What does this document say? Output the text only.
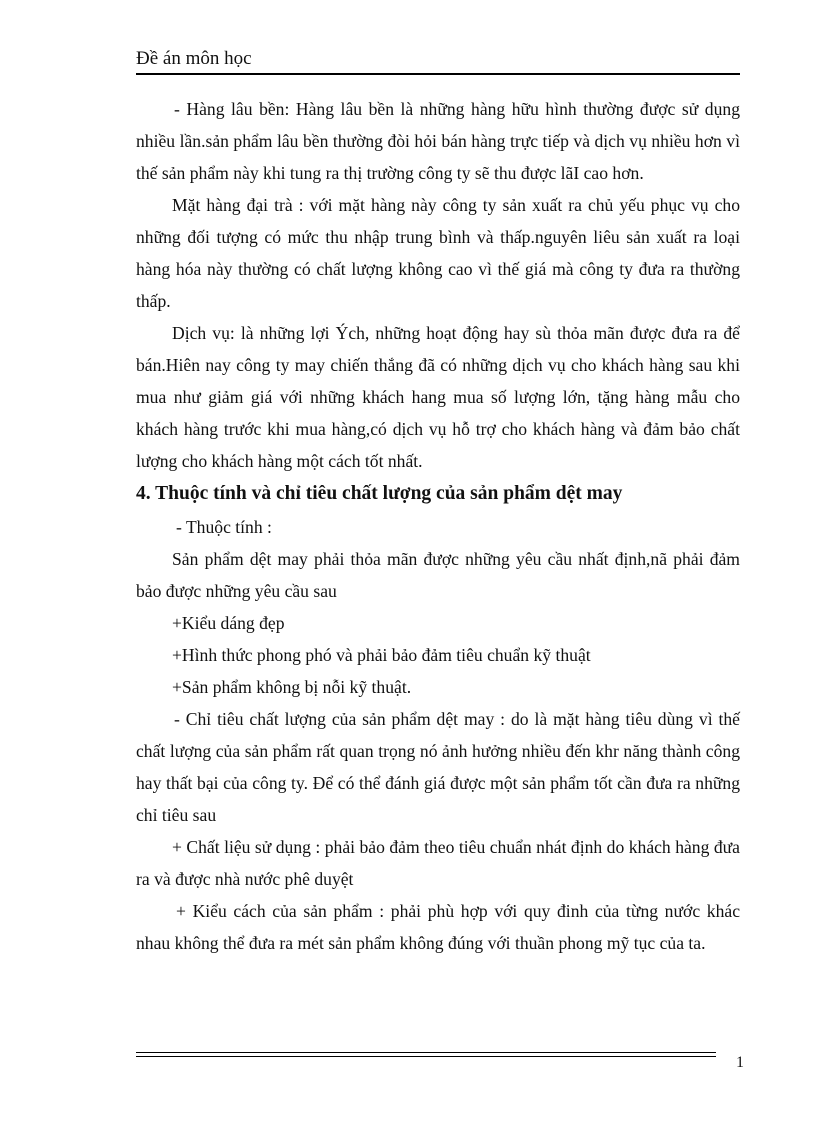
Đề án môn học

- Hàng lâu bền: Hàng lâu bền là những hàng hữu hình thường được sử dụng nhiều lần.sản phẩm lâu bền thường đòi hỏi bán hàng trực tiếp và dịch vụ nhiều hơn vì thế sản phẩm này khi tung ra thị trường công ty sẽ thu được lãI cao hơn.

Mặt hàng đại trà : với mặt hàng này công ty sản xuất ra chủ yếu phục vụ cho những đối tượng có mức thu nhập trung bình và thấp.nguyên liêu sản xuất ra loại hàng hóa này thường có chất lượng không cao vì thế giá mà công ty đưa ra thường thấp.

Dịch vụ: là những lợi Ých, những hoạt động hay sù thỏa mãn được đưa ra để bán.Hiên nay công ty may chiến thắng đã có những dịch vụ cho khách hàng sau khi mua như giảm giá với những khách hang mua số lượng lớn, tặng hàng mẫu cho khách hàng trước khi mua hàng,có dịch vụ hỗ trợ cho khách hàng và đảm bảo chất lượng cho khách hàng một cách tốt nhất.

4. Thuộc tính và chỉ tiêu chất lượng của sản phẩm dệt may

- Thuộc tính :

Sản phẩm dệt may phải thỏa mãn được những yêu cầu nhất định,nã phải đảm bảo được những yêu cầu sau

+Kiểu dáng đẹp

+Hình thức phong phó và phải bảo đảm tiêu chuẩn kỹ thuật

+Sản phẩm không bị nỗi kỹ thuật.

- Chỉ tiêu chất lượng của sản phẩm dệt may : do là mặt hàng tiêu dùng vì thế chất lượng của sản phẩm rất quan trọng nó ảnh hưởng nhiều đến khr năng thành công hay thất bại của công ty. Để có thể đánh giá được một sản phẩm tốt cần đưa ra những chỉ tiêu sau

+ Chất liệu sử dụng : phải bảo đảm theo tiêu chuẩn nhát định do khách hàng đưa ra và được nhà nước phê duyệt

+ Kiểu cách của sản phẩm : phải phù hợp với quy đinh của từng nước khác nhau không thể đưa ra mét sản phẩm không đúng với thuần phong mỹ tục của ta.

1
